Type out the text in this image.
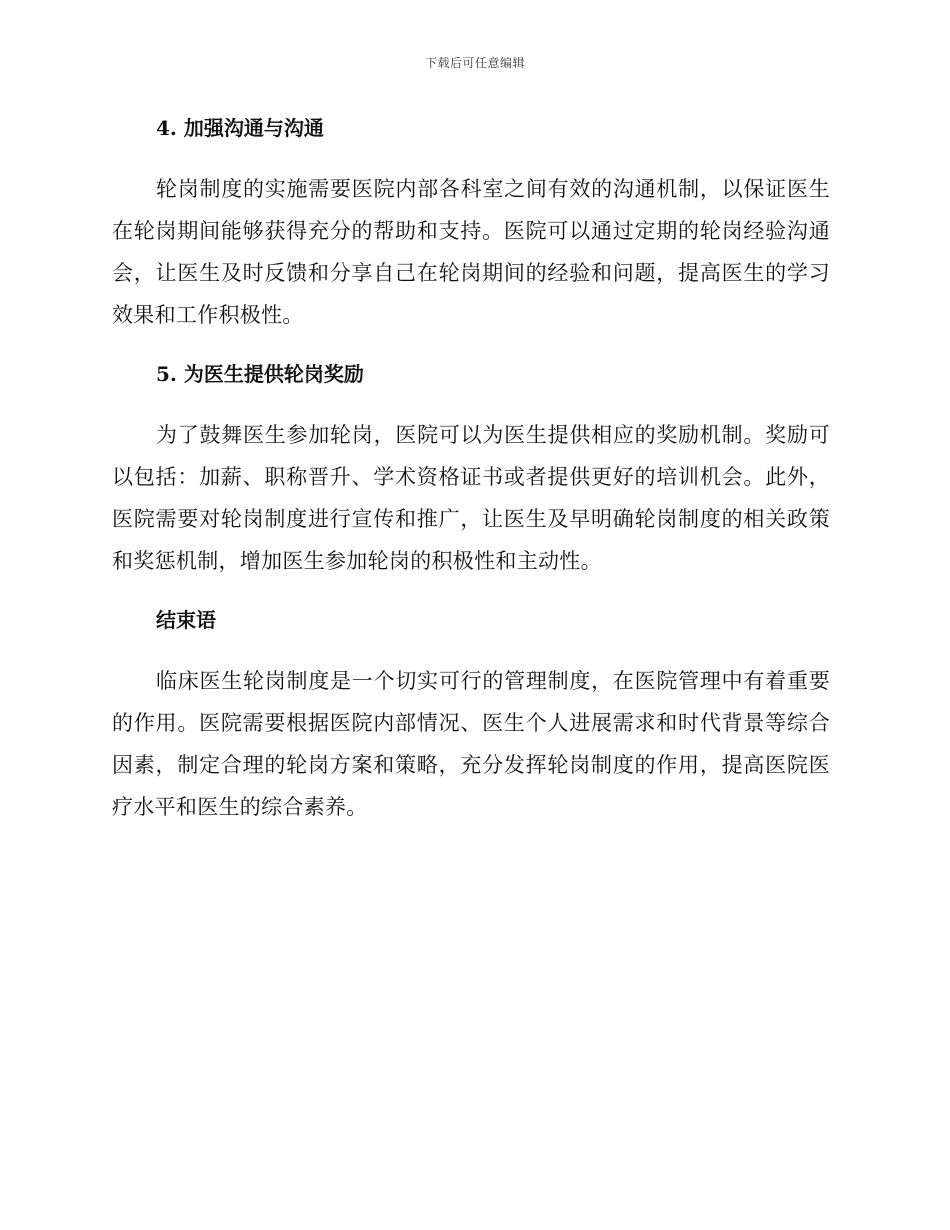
下载后可任意编辑
4. 加强沟通与沟通

轮岗制度的实施需要医院内部各科室之间有效的沟通机制，以保证医生在轮岗期间能够获得充分的帮助和支持。医院可以通过定期的轮岗经验沟通会，让医生及时反馈和分享自己在轮岗期间的经验和问题，提高医生的学习效果和工作积极性。

5. 为医生提供轮岗奖励

为了鼓舞医生参加轮岗，医院可以为医生提供相应的奖励机制。奖励可以包括：加薪、职称晋升、学术资格证书或者提供更好的培训机会。此外，医院需要对轮岗制度进行宣传和推广，让医生及早明确轮岗制度的相关政策和奖惩机制，增加医生参加轮岗的积极性和主动性。

结束语

临床医生轮岗制度是一个切实可行的管理制度，在医院管理中有着重要的作用。医院需要根据医院内部情况、医生个人进展需求和时代背景等综合因素，制定合理的轮岗方案和策略，充分发挥轮岗制度的作用，提高医院医疗水平和医生的综合素养。
